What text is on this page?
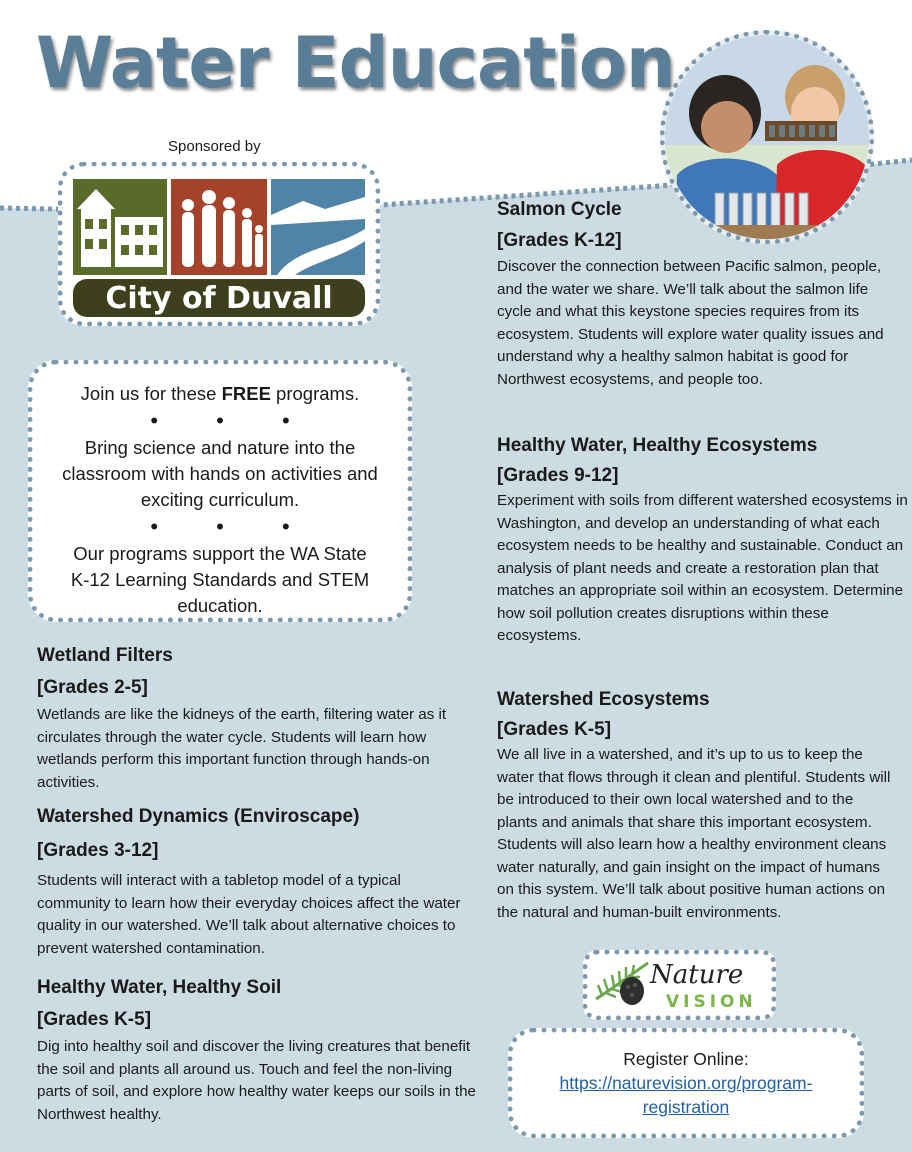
Water Education
Sponsored by
City of Duvall

Join us for these FREE programs.

• • •

Bring science and nature into the classroom with hands on activities and exciting curriculum.

• • •

Our programs support the WA State K-12 Learning Standards and STEM education.

Wetland Filters
[Grades 2-5]

Wetlands are like the kidneys of the earth, filtering water as it circulates through the water cycle. Students will learn how wetlands perform this important function through hands-on activities.

Watershed Dynamics (Enviroscape)
[Grades 3-12]

Students will interact with a tabletop model of a typical community to learn how their everyday choices affect the water quality in our watershed. We’ll talk about alternative choices to prevent watershed contamination.

Healthy Water, Healthy Soil
[Grades K-5]

Dig into healthy soil and discover the living creatures that benefit the soil and plants all around us. Touch and feel the non-living parts of soil, and explore how healthy water keeps our soils in the Northwest healthy.

Salmon Cycle
[Grades K-12]

Discover the connection between Pacific salmon, people, and the water we share. We’ll talk about the salmon life cycle and what this keystone species requires from its ecosystem. Students will explore water quality issues and understand why a healthy salmon habitat is good for Northwest ecosystems, and people too.

Healthy Water, Healthy Ecosystems
[Grades 9-12]

Experiment with soils from different watershed ecosystems in Washington, and develop an understanding of what each ecosystem needs to be healthy and sustainable. Conduct an analysis of plant needs and create a restoration plan that matches an appropriate soil within an ecosystem. Determine how soil pollution creates disruptions within these ecosystems.

Watershed Ecosystems
[Grades K-5]

We all live in a watershed, and it’s up to us to keep the water that flows through it clean and plentiful. Students will be introduced to their own local watershed and to the plants and animals that share this important ecosystem. Students will also learn how a healthy environment cleans water naturally, and gain insight on the impact of humans on this system. We’ll talk about positive human actions on the natural and human-built environments.

Nature
VISION
Register Online:
https://naturevision.org/program-
registration
